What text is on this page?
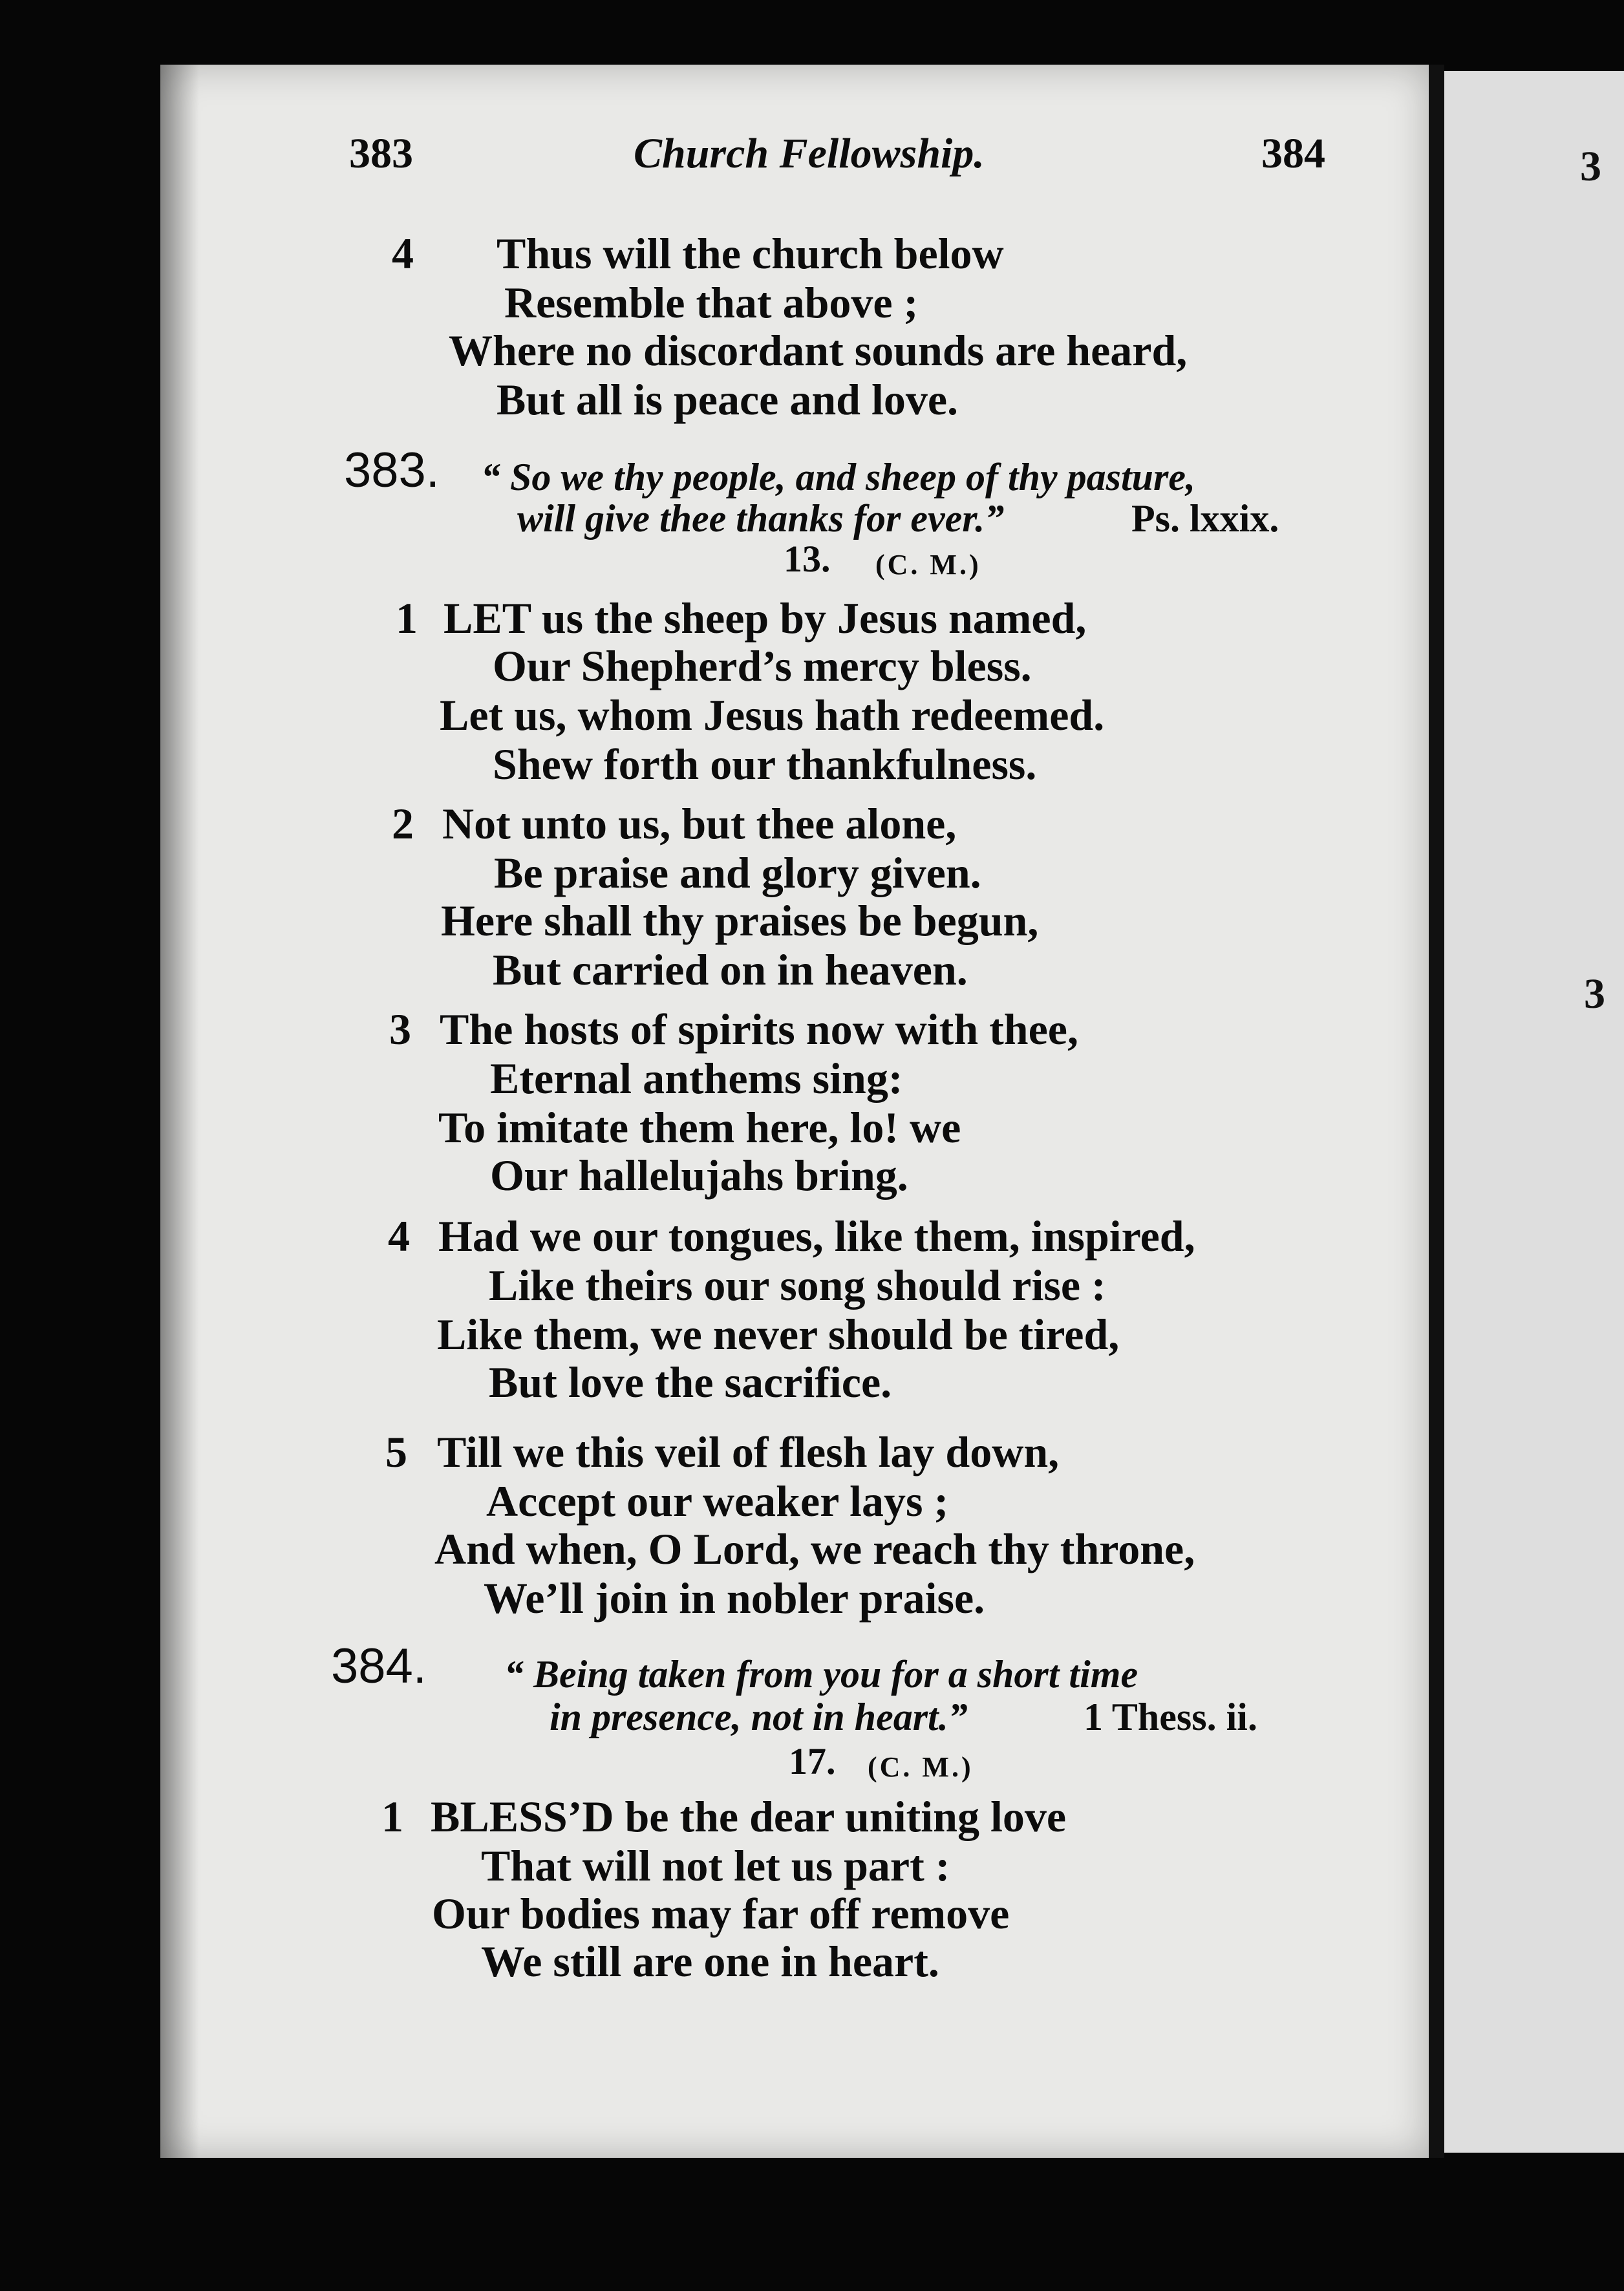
3
3
383	Church Fellowship.	384
4 Thus will the church below
Resemble that above ;
Where no discordant sounds are heard,
But all is peace and love.
383. “ So we thy people, and sheep of thy pasture,
will give thee thanks for ever.”	Ps. lxxix.
13. (C. M.)
1 LET us the sheep by Jesus named,
Our Shepherd’s mercy bless.
Let us, whom Jesus hath redeemed.
Shew forth our thankfulness.
2 Not unto us, but thee alone,
Be praise and glory given.
Here shall thy praises be begun,
But carried on in heaven.
3 The hosts of spirits now with thee,
Eternal anthems sing:
To imitate them here, lo! we
Our hallelujahs bring.
4 Had we our tongues, like them, inspired,
Like theirs our song should rise :
Like them, we never should be tired,
But love the sacrifice.
5 Till we this veil of flesh lay down,
Accept our weaker lays ;
And when, O Lord, we reach thy throne,
We’ll join in nobler praise.
384. “ Being taken from you for a short time
in presence, not in heart.”	1 Thess. ii.
17. (C. M.)
1 BLESS’D be the dear uniting love
That will not let us part :
Our bodies may far off remove
We still are one in heart.
